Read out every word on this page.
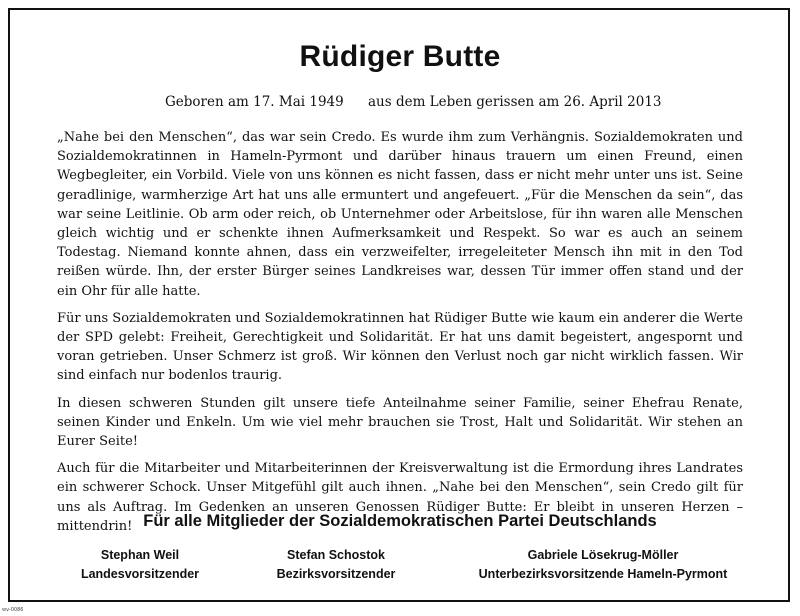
Rüdiger Butte
Geboren am 17. Mai 1949 aus dem Leben gerissen am 26. April 2013

„Nahe bei den Menschen“, das war sein Credo. Es wurde ihm zum Verhängnis. Sozialdemokraten und Sozialdemokratinnen in Hameln-Pyrmont und darüber hinaus trauern um einen Freund, einen Wegbegleiter, ein Vorbild. Viele von uns können es nicht fassen, dass er nicht mehr unter uns ist. Seine geradlinige, warmherzige Art hat uns alle ermuntert und angefeuert. „Für die Menschen da sein“, das war seine Leitlinie. Ob arm oder reich, ob Unternehmer oder Arbeitslose, für ihn waren alle Menschen gleich wichtig und er schenkte ihnen Aufmerksamkeit und Respekt. So war es auch an seinem Todestag. Niemand konnte ahnen, dass ein verzweifelter, irregeleiteter Mensch ihn mit in den Tod reißen würde. Ihn, der erster Bürger seines Landkreises war, dessen Tür immer offen stand und der ein Ohr für alle hatte.

Für uns Sozialdemokraten und Sozialdemokratinnen hat Rüdiger Butte wie kaum ein anderer die Werte der SPD gelebt: Freiheit, Gerechtigkeit und Solidarität. Er hat uns damit begeistert, angespornt und voran getrieben. Unser Schmerz ist groß. Wir können den Verlust noch gar nicht wirklich fassen. Wir sind einfach nur bodenlos traurig.

In diesen schweren Stunden gilt unsere tiefe Anteilnahme seiner Familie, seiner Ehefrau Renate, seinen Kinder und Enkeln. Um wie viel mehr brauchen sie Trost, Halt und Solidarität. Wir stehen an Eurer Seite!

Auch für die Mitarbeiter und Mitarbeiterinnen der Kreisverwaltung ist die Ermordung ihres Landrates ein schwerer Schock. Unser Mitgefühl gilt auch ihnen. „Nahe bei den Menschen“, sein Credo gilt für uns als Auftrag. Im Gedenken an unseren Genossen Rüdiger Butte: Er bleibt in unseren Herzen – mittendrin! Für alle Mitglieder der Sozialdemokratischen Partei Deutschlands
Stephan Weil
Landesvorsitzender
Stefan Schostok
Bezirksvorsitzender
Gabriele Lösekrug-Möller
Unterbezirksvorsitzende Hameln-Pyrmont
wv-0086
